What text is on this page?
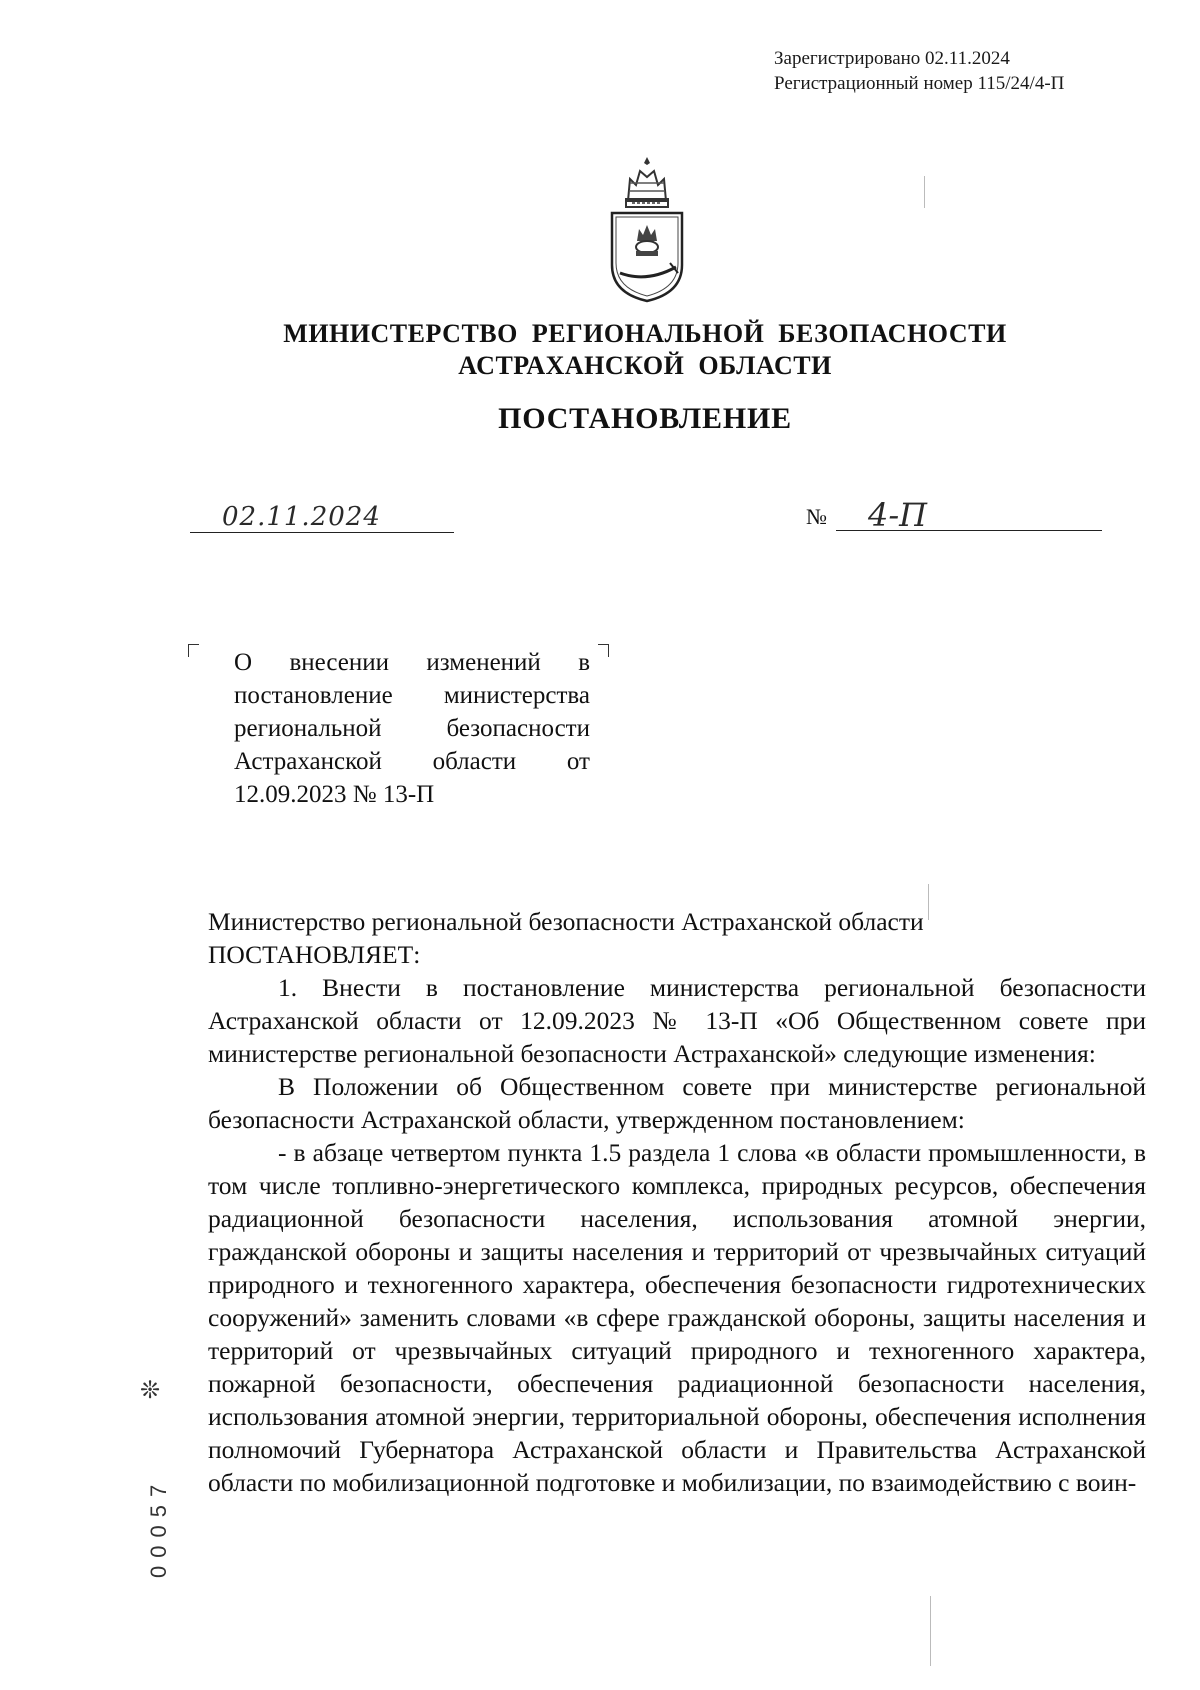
Зарегистрировано 02.11.2024
Регистрационный номер 115/24/4-П
МИНИСТЕРСТВО  РЕГИОНАЛЬНОЙ  БЕЗОПАСНОСТИ
АСТРАХАНСКОЙ  ОБЛАСТИ
ПОСТАНОВЛЕНИЕ
02.11.2024	№ 4-П
О внесении изменений в постановление министерства региональной безопасности Астраханской области от 12.09.2023 № 13-П

Министерство региональной безопасности Астраханской области

ПОСТАНОВЛЯЕТ:

1. Внести в постановление министерства региональной безопасности Астраханской области от 12.09.2023 № 13-П «Об Общественном совете при министерстве региональной безопасности Астраханской» следующие изменения:

В Положении об Общественном совете при министерстве региональной безопасности Астраханской области, утвержденном постановлением:

- в абзаце четвертом пункта 1.5 раздела 1 слова «в области промышленности, в том числе топливно-энергетического комплекса, природных ресурсов, обеспечения радиационной безопасности населения, использования атомной энергии, гражданской обороны и защиты населения и территорий от чрезвычайных ситуаций природного и техногенного характера, обеспечения безопасности гидротехнических сооружений» заменить словами «в сфере гражданской обороны, защиты населения и территорий от чрезвычайных ситуаций природного и техногенного характера, пожарной безопасности, обеспечения радиационной безопасности населения, использования атомной энергии, территориальной обороны, обеспечения исполнения полномочий Губернатора Астраханской области и Правительства Астраханской области по мобилизационной подготовке и мобилизации, по взаимодействию с воин-

❊
00057
